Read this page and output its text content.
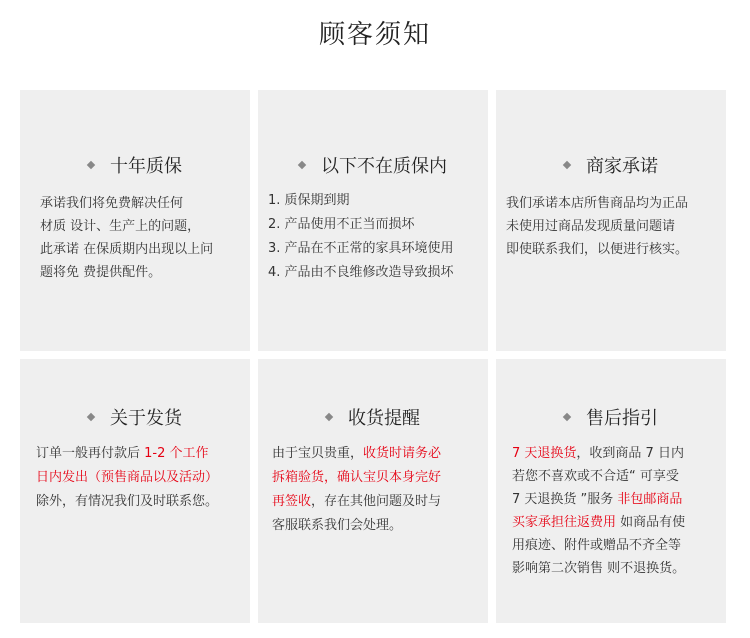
顾客须知
十年质保

承诺我们将免费解决任何

材质 设计、生产上的问题，

此承诺 在保质期内出现以上问

题将免 费提供配件。

以下不在质保内
1. 质保期到期
2. 产品使用不正当而损坏
3. 产品在不正常的家具环境使用
4. 产品由不良维修改造导致损坏
商家承诺

我们承诺本店所售商品均为正品

未使用过商品发现质量问题请

即使联系我们，以便进行核实。

关于发货

订单一般再付款后 1-2 个工作

日内发出（预售商品以及活动）

除外，有情况我们及时联系您。

收货提醒

由于宝贝贵重，收货时请务必

拆箱验货，确认宝贝本身完好

再签收，存在其他问题及时与

客服联系我们会处理。

售后指引

7 天退换货，收到商品 7 日内

若您不喜欢或不合适“ 可享受

7 天退换货 ”服务 非包邮商品

买家承担往返费用 如商品有使

用痕迹、附件或赠品不齐全等

影响第二次销售 则不退换货。
